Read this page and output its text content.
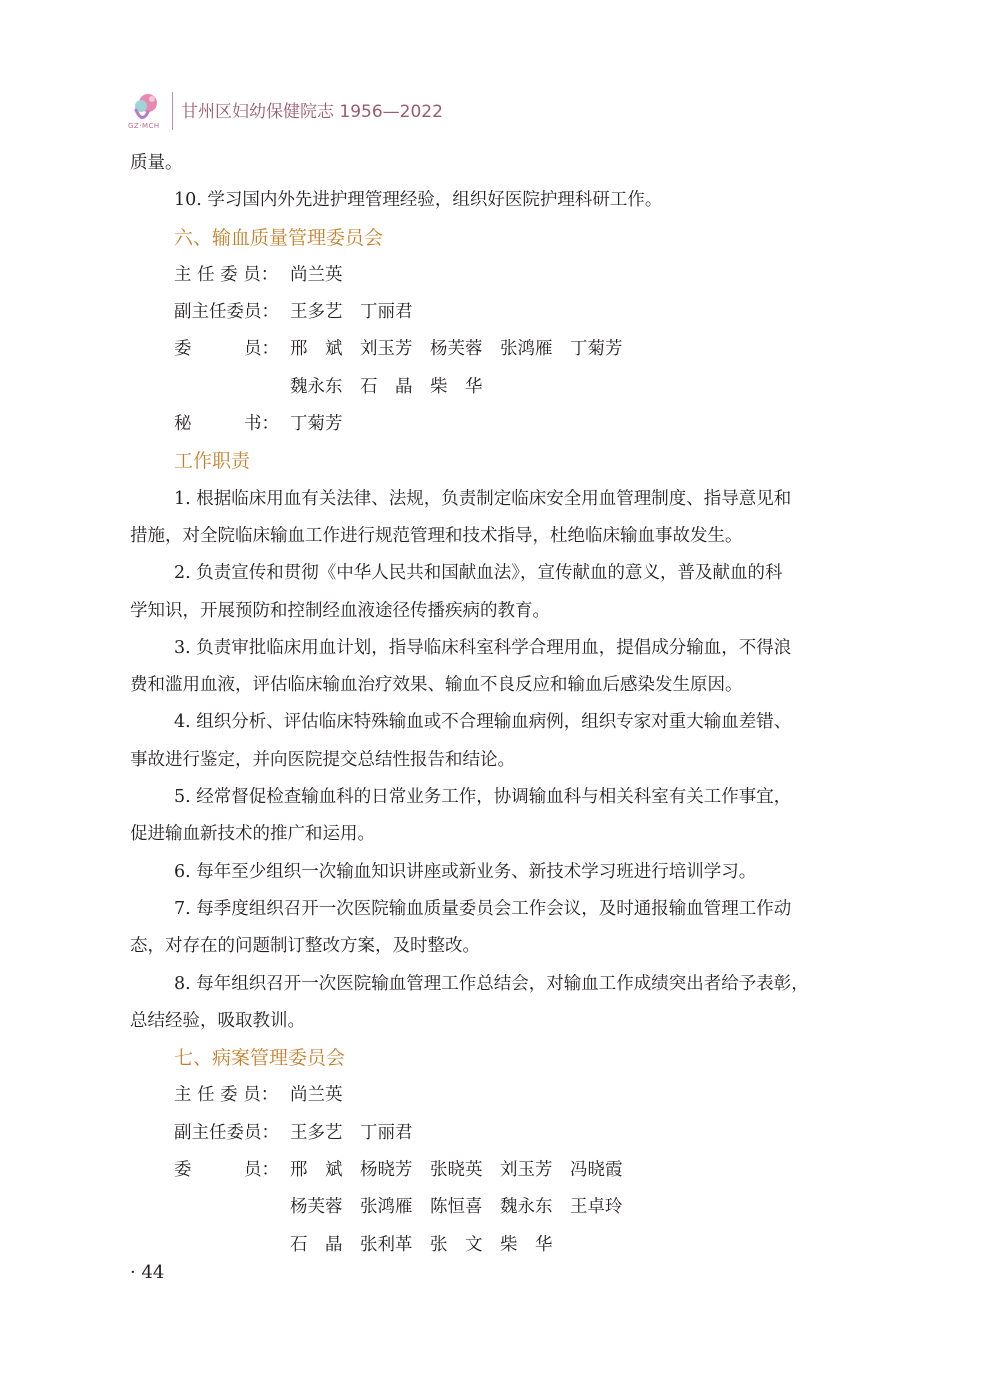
GZ·MCH
甘州区妇幼保健院志 1956—2022
质量。
10. 学习国内外先进护理管理经验，组织好医院护理科研工作。
六、输血质量管理委员会
主 任 委 员： 尚兰英
副主任委员： 王多艺　丁丽君
委　　　员： 邢　斌　刘玉芳　杨芙蓉　张鸿雁　丁菊芳
魏永东　石　晶　柴　华
秘　　　书： 丁菊芳
工作职责
1. 根据临床用血有关法律、法规，负责制定临床安全用血管理制度、指导意见和
措施，对全院临床输血工作进行规范管理和技术指导，杜绝临床输血事故发生。
2. 负责宣传和贯彻《中华人民共和国献血法》，宣传献血的意义，普及献血的科
学知识，开展预防和控制经血液途径传播疾病的教育。
3. 负责审批临床用血计划，指导临床科室科学合理用血，提倡成分输血，不得浪
费和滥用血液，评估临床输血治疗效果、输血不良反应和输血后感染发生原因。
4. 组织分析、评估临床特殊输血或不合理输血病例，组织专家对重大输血差错、
事故进行鉴定，并向医院提交总结性报告和结论。
5. 经常督促检查输血科的日常业务工作，协调输血科与相关科室有关工作事宜，
促进输血新技术的推广和运用。
6. 每年至少组织一次输血知识讲座或新业务、新技术学习班进行培训学习。
7. 每季度组织召开一次医院输血质量委员会工作会议，及时通报输血管理工作动
态，对存在的问题制订整改方案，及时整改。
8. 每年组织召开一次医院输血管理工作总结会，对输血工作成绩突出者给予表彰，
总结经验，吸取教训。
七、病案管理委员会
主 任 委 员： 尚兰英
副主任委员： 王多艺　丁丽君
委　　　员： 邢　斌　杨晓芳　张晓英　刘玉芳　冯晓霞
杨芙蓉　张鸿雁　陈恒喜　魏永东　王卓玲
石　晶　张利革　张　文　柴　华
· 44
